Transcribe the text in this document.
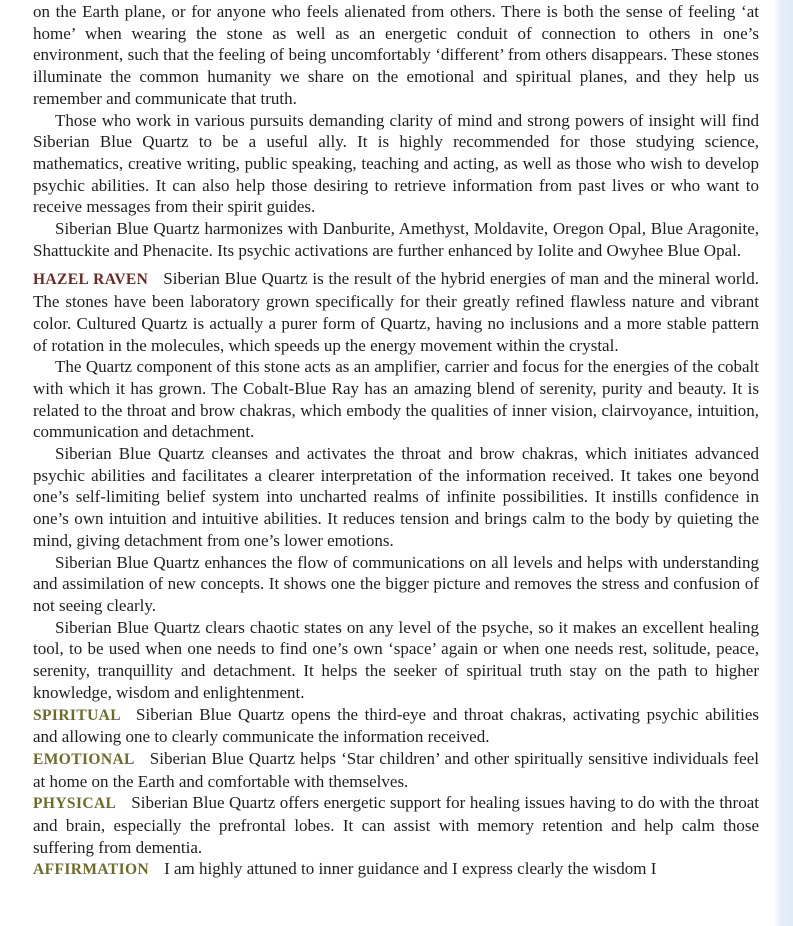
on the Earth plane, or for anyone who feels alienated from others. There is both the sense of feeling ‘at home’ when wearing the stone as well as an energetic conduit of connection to others in one’s environment, such that the feeling of being uncomfortably ‘different’ from others disappears. These stones illuminate the common humanity we share on the emotional and spiritual planes, and they help us remember and communicate that truth.

Those who work in various pursuits demanding clarity of mind and strong powers of insight will find Siberian Blue Quartz to be a useful ally. It is highly recommended for those studying science, mathematics, creative writing, public speaking, teaching and acting, as well as those who wish to develop psychic abilities. It can also help those desiring to retrieve information from past lives or who want to receive messages from their spirit guides.

Siberian Blue Quartz harmonizes with Danburite, Amethyst, Moldavite, Oregon Opal, Blue Aragonite, Shattuckite and Phenacite. Its psychic activations are further enhanced by Iolite and Owyhee Blue Opal.

HAZEL RAVEN Siberian Blue Quartz is the result of the hybrid energies of man and the mineral world. The stones have been laboratory grown specifically for their greatly refined flawless nature and vibrant color. Cultured Quartz is actually a purer form of Quartz, having no inclusions and a more stable pattern of rotation in the molecules, which speeds up the energy movement within the crystal.

The Quartz component of this stone acts as an amplifier, carrier and focus for the energies of the cobalt with which it has grown. The Cobalt-Blue Ray has an amazing blend of serenity, purity and beauty. It is related to the throat and brow chakras, which embody the qualities of inner vision, clairvoyance, intuition, communication and detachment.

Siberian Blue Quartz cleanses and activates the throat and brow chakras, which initiates advanced psychic abilities and facilitates a clearer interpretation of the information received. It takes one beyond one’s self-limiting belief system into uncharted realms of infinite possibilities. It instills confidence in one’s own intuition and intuitive abilities. It reduces tension and brings calm to the body by quieting the mind, giving detachment from one’s lower emotions.

Siberian Blue Quartz enhances the flow of communications on all levels and helps with understanding and assimilation of new concepts. It shows one the bigger picture and removes the stress and confusion of not seeing clearly.

Siberian Blue Quartz clears chaotic states on any level of the psyche, so it makes an excellent healing tool, to be used when one needs to find one’s own ‘space’ again or when one needs rest, solitude, peace, serenity, tranquillity and detachment. It helps the seeker of spiritual truth stay on the path to higher knowledge, wisdom and enlightenment.

SPIRITUAL Siberian Blue Quartz opens the third-eye and throat chakras, activating psychic abilities and allowing one to clearly communicate the information received.

EMOTIONAL Siberian Blue Quartz helps ‘Star children’ and other spiritually sensitive individuals feel at home on the Earth and comfortable with themselves.

PHYSICAL Siberian Blue Quartz offers energetic support for healing issues having to do with the throat and brain, especially the prefrontal lobes. It can assist with memory retention and help calm those suffering from dementia.

AFFIRMATION I am highly attuned to inner guidance and I express clearly the wisdom I
